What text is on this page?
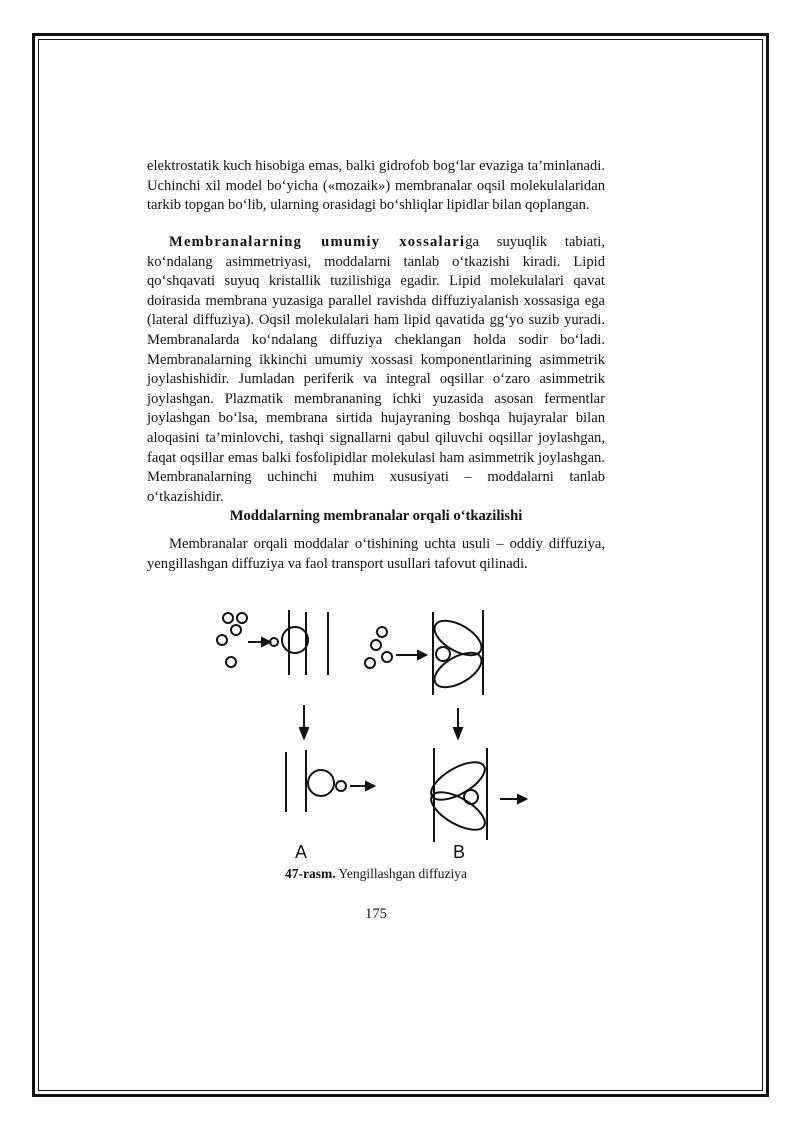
elektrostatik kuch hisobiga emas, balki gidrofob bog‘lar evaziga ta’minlanadi. Uchinchi xil model bo‘yicha («mozaik») membranalar oqsil molekulalaridan tarkib topgan bo‘lib, ularning orasidagi bo‘shliqlar lipidlar bilan qoplangan.

Membranalarning umumiy xossalariga suyuqlik tabiati, ko‘ndalang asimmetriyasi, moddalarni tanlab o‘tkazishi kiradi. Lipid qo‘shqavati suyuq kristallik tuzilishiga egadir. Lipid molekulalari qavat doirasida membrana yuzasiga parallel ravishda diffuziyalanish xossasiga ega (lateral diffuziya). Oqsil molekulalari ham lipid qavatida gg‘yo suzib yuradi. Membranalarda ko‘ndalang diffuziya cheklangan holda sodir bo‘ladi. Membranalarning ikkinchi umumiy xossasi komponentlarining asimmetrik joylashishidir. Jumladan periferik va integral oqsillar o‘zaro asimmetrik joylashgan. Plazmatik membrananing ichki yuzasida asosan fermentlar joylashgan bo‘lsa, membrana sirtida hujayraning boshqa hujayralar bilan aloqasini ta’minlovchi, tashqi signallarni qabul qiluvchi oqsillar joylashgan, faqat oqsillar emas balki fosfolipidlar molekulasi ham asimmetrik joylashgan. Membranalarning uchinchi muhim xususiyati – moddalarni tanlab o‘tkazishidir.

Moddalarning membranalar orqali o‘tkazilishi

Membranalar orqali moddalar o‘tishining uchta usuli – oddiy diffuziya, yengillashgan diffuziya va faol transport usullari tafovut qilinadi.

A	B
47-rasm. Yengillashgan diffuziya
175
